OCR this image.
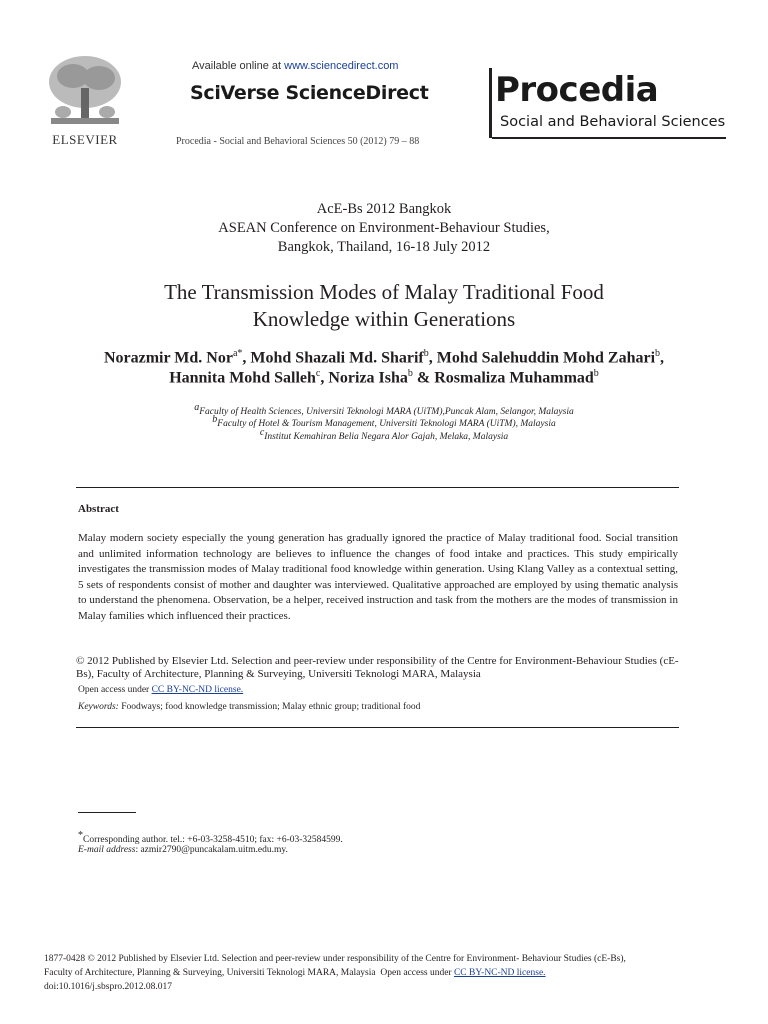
ELSEVIER
Available online at www.sciencedirect.com
SciVerse ScienceDirect
Procedia - Social and Behavioral Sciences 50 (2012) 79 – 88
Procedia
Social and Behavioral Sciences
AcE-Bs 2012 Bangkok
ASEAN Conference on Environment-Behaviour Studies,
Bangkok, Thailand, 16-18 July 2012
The Transmission Modes of Malay Traditional Food
Knowledge within Generations
Norazmir Md. Nor$^{a*}$, Mohd Shazali Md. Sharif$^b$, Mohd Salehuddin Mohd Zahari$^b$,
Hannita Mohd Salleh$^c$, Noriza Isha$^b$ & Rosmaliza Muhammad$^b$
$^a$Faculty of Health Sciences, Universiti Teknologi MARA (UiTM),Puncak Alam, Selangor, Malaysia
$^b$Faculty of Hotel & Tourism Management, Universiti Teknologi MARA (UiTM), Malaysia
$^c$Institut Kemahiran Belia Negara Alor Gajah, Melaka, Malaysia
Abstract
Malay modern society especially the young generation has gradually ignored the practice of Malay traditional food. Social transition and unlimited information technology are believes to influence the changes of food intake and practices. This study empirically investigates the transmission modes of Malay traditional food knowledge within generation. Using Klang Valley as a contextual setting, 5 sets of respondents consist of mother and daughter was interviewed. Qualitative approached are employed by using thematic analysis to understand the phenomena. Observation, be a helper, received instruction and task from the mothers are the modes of transmission in Malay families which influenced their practices.
© 2012 Published by Elsevier Ltd. Selection and peer-review under responsibility of the Centre for Environment-Behaviour Studies (cE-Bs), Faculty of Architecture, Planning & Surveying, Universiti Teknologi MARA, Malaysia
Open access under CC BY-NC-ND license.
Keywords: Foodways; food knowledge transmission; Malay ethnic group; traditional food
*Corresponding author. tel.: +6-03-3258-4510; fax: +6-03-32584599.
E-mail address: azmir2790@puncakalam.uitm.edu.my.
1877-0428 © 2012 Published by Elsevier Ltd. Selection and peer-review under responsibility of the Centre for Environment- Behaviour Studies (cE-Bs),
Faculty of Architecture, Planning & Surveying, Universiti Teknologi MARA, Malaysia  Open access under CC BY-NC-ND license.
doi:10.1016/j.sbspro.2012.08.017
